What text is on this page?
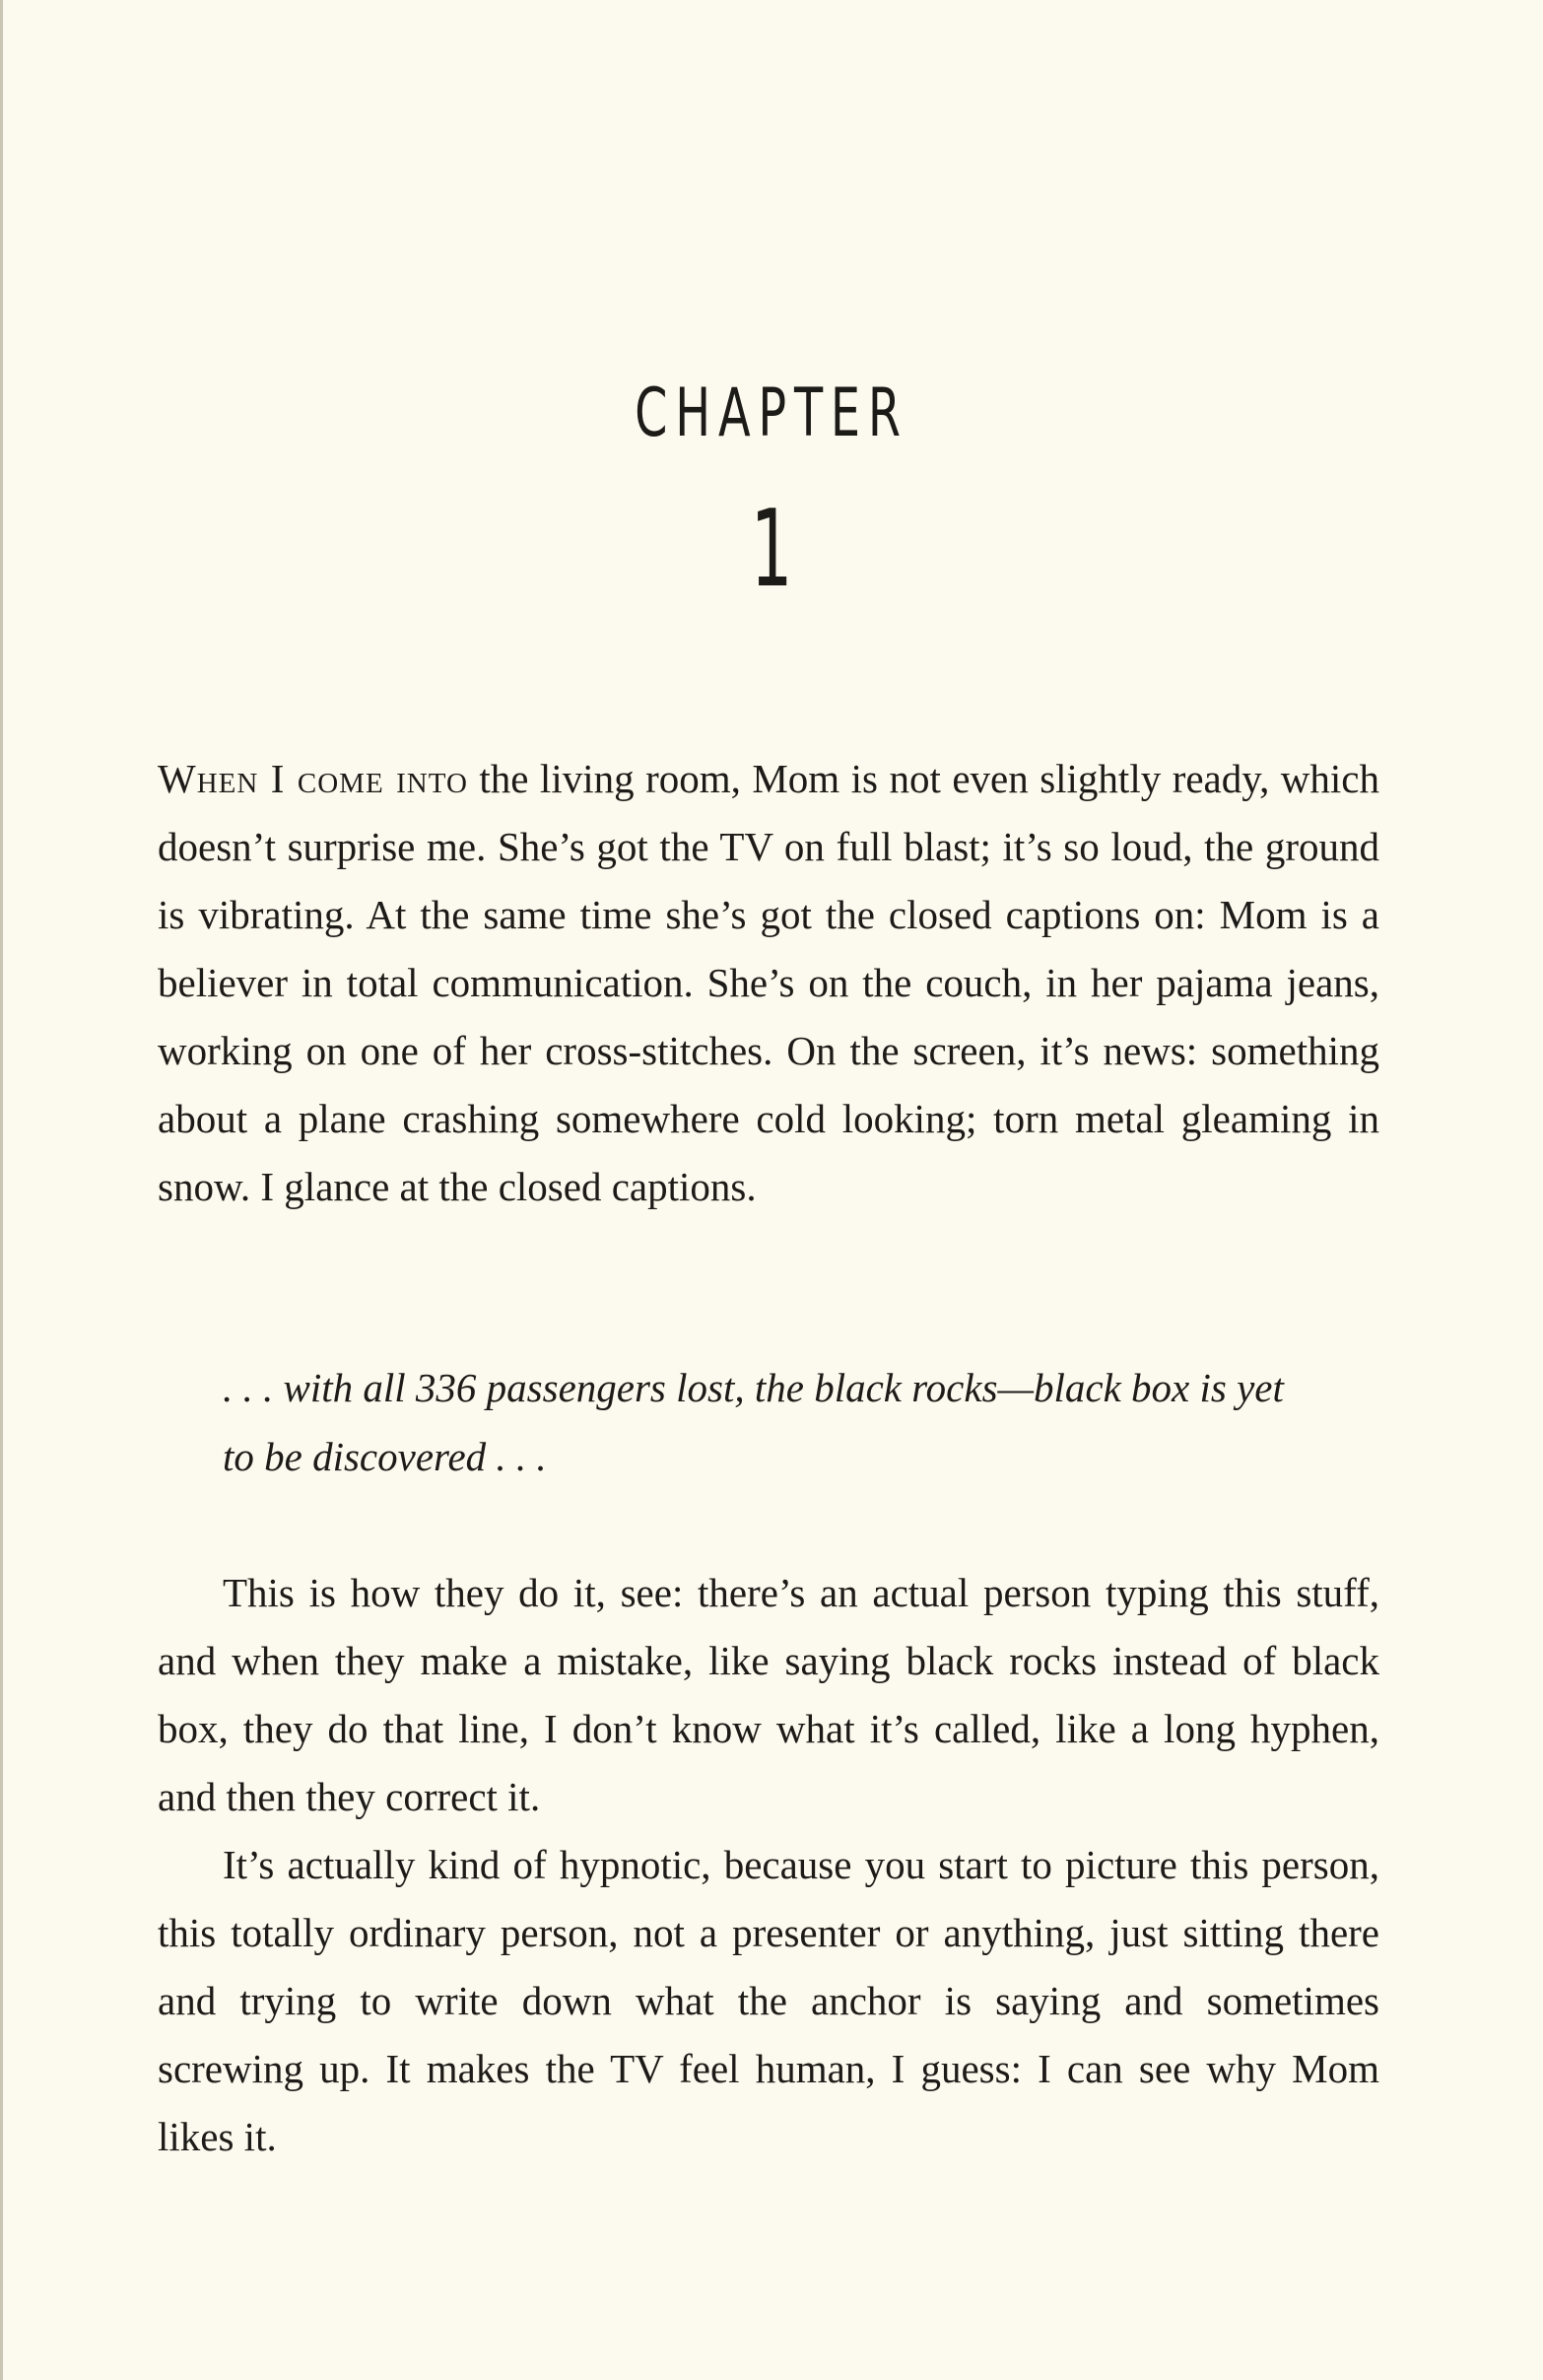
CHAPTER
1

When I come into the living room, Mom is not even slightly ready, which doesn’t surprise me. She’s got the TV on full blast; it’s so loud, the ground is vibrating. At the same time she’s got the closed captions on: Mom is a believer in total communication. She’s on the couch, in her pajama jeans, working on one of her cross-stitches. On the screen, it’s news: something about a plane crashing somewhere cold looking; torn metal gleaming in snow. I glance at the closed captions.

. . . with all 336 passengers lost, the black rocks—black box is yet to be discovered . . .

This is how they do it, see: there’s an actual person typing this stuff, and when they make a mistake, like saying black rocks instead of black box, they do that line, I don’t know what it’s called, like a long hyphen, and then they correct it.

It’s actually kind of hypnotic, because you start to picture this person, this totally ordinary person, not a presenter or anything, just sitting there and trying to write down what the anchor is saying and sometimes screwing up. It makes the TV feel human, I guess: I can see why Mom likes it.
